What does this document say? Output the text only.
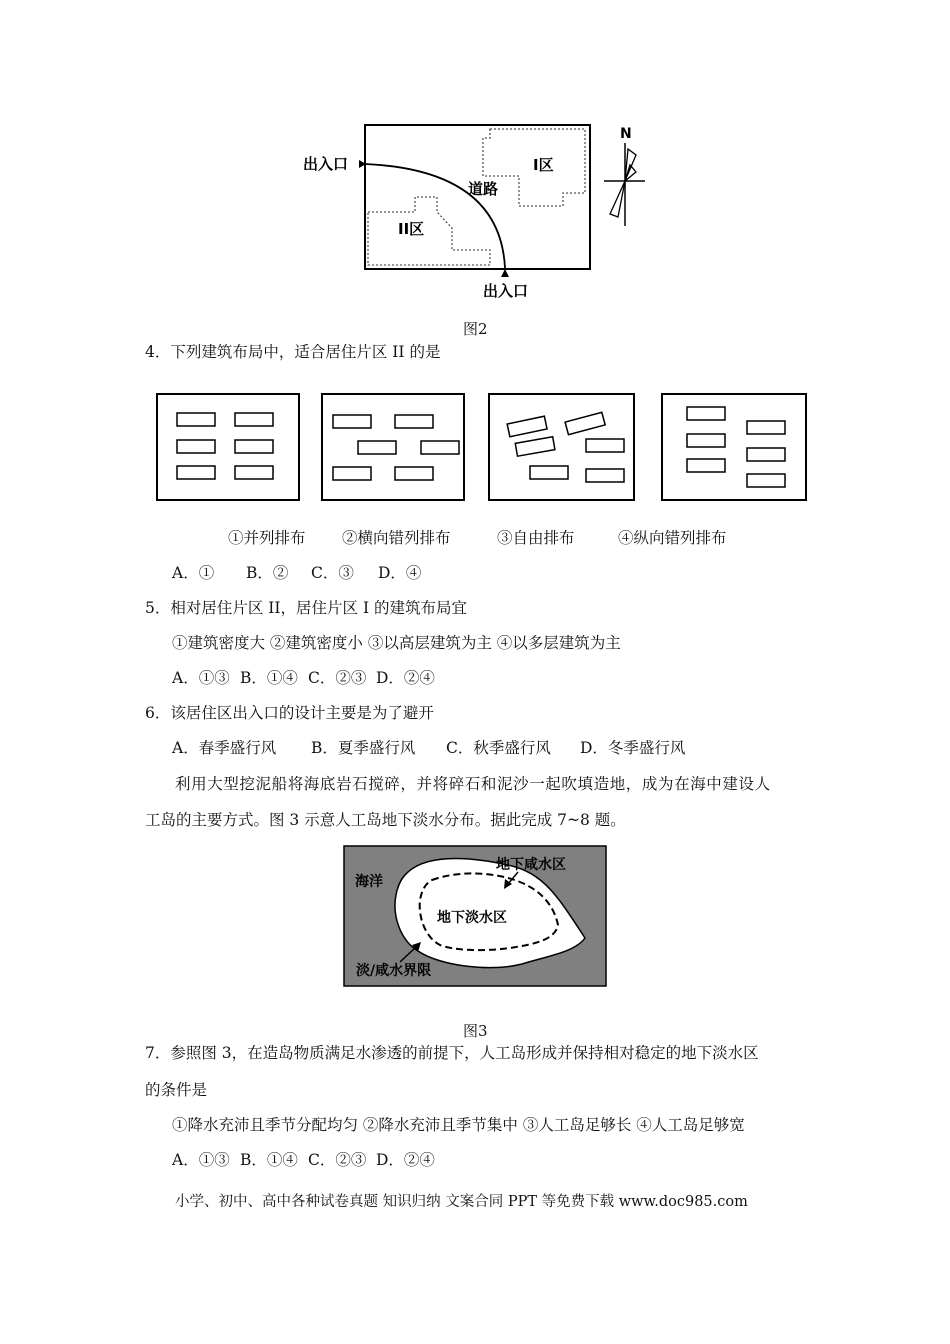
出入口
出入口
I区
II区
道路
N
图2
4．下列建筑布局中，适合居住片区 II 的是
①并列排布 ②横向错列排布	③自由排布	④纵向错列排布
A．① B．② C．③ D．④
5．相对居住片区 II，居住片区 I 的建筑布局宜
①建筑密度大 ②建筑密度小 ③以高层建筑为主 ④以多层建筑为主
A．①③ B．①④ C．②③ D．②④
6．该居住区出入口的设计主要是为了避开
A．春季盛行风 B．夏季盛行风 C．秋季盛行风 D．冬季盛行风
利用大型挖泥船将海底岩石搅碎，并将碎石和泥沙一起吹填造地，成为在海中建设人
工岛的主要方式。图 3 示意人工岛地下淡水分布。据此完成 7~8 题。
海洋
地下咸水区
地下淡水区
淡/咸水界限
图3
7．参照图 3，在造岛物质满足水渗透的前提下，人工岛形成并保持相对稳定的地下淡水区
的条件是
①降水充沛且季节分配均匀 ②降水充沛且季节集中 ③人工岛足够长 ④人工岛足够宽
A．①③ B．①④ C．②③ D．②④
小学、初中、高中各种试卷真题 知识归纳 文案合同 PPT 等免费下载 www.doc985.com
